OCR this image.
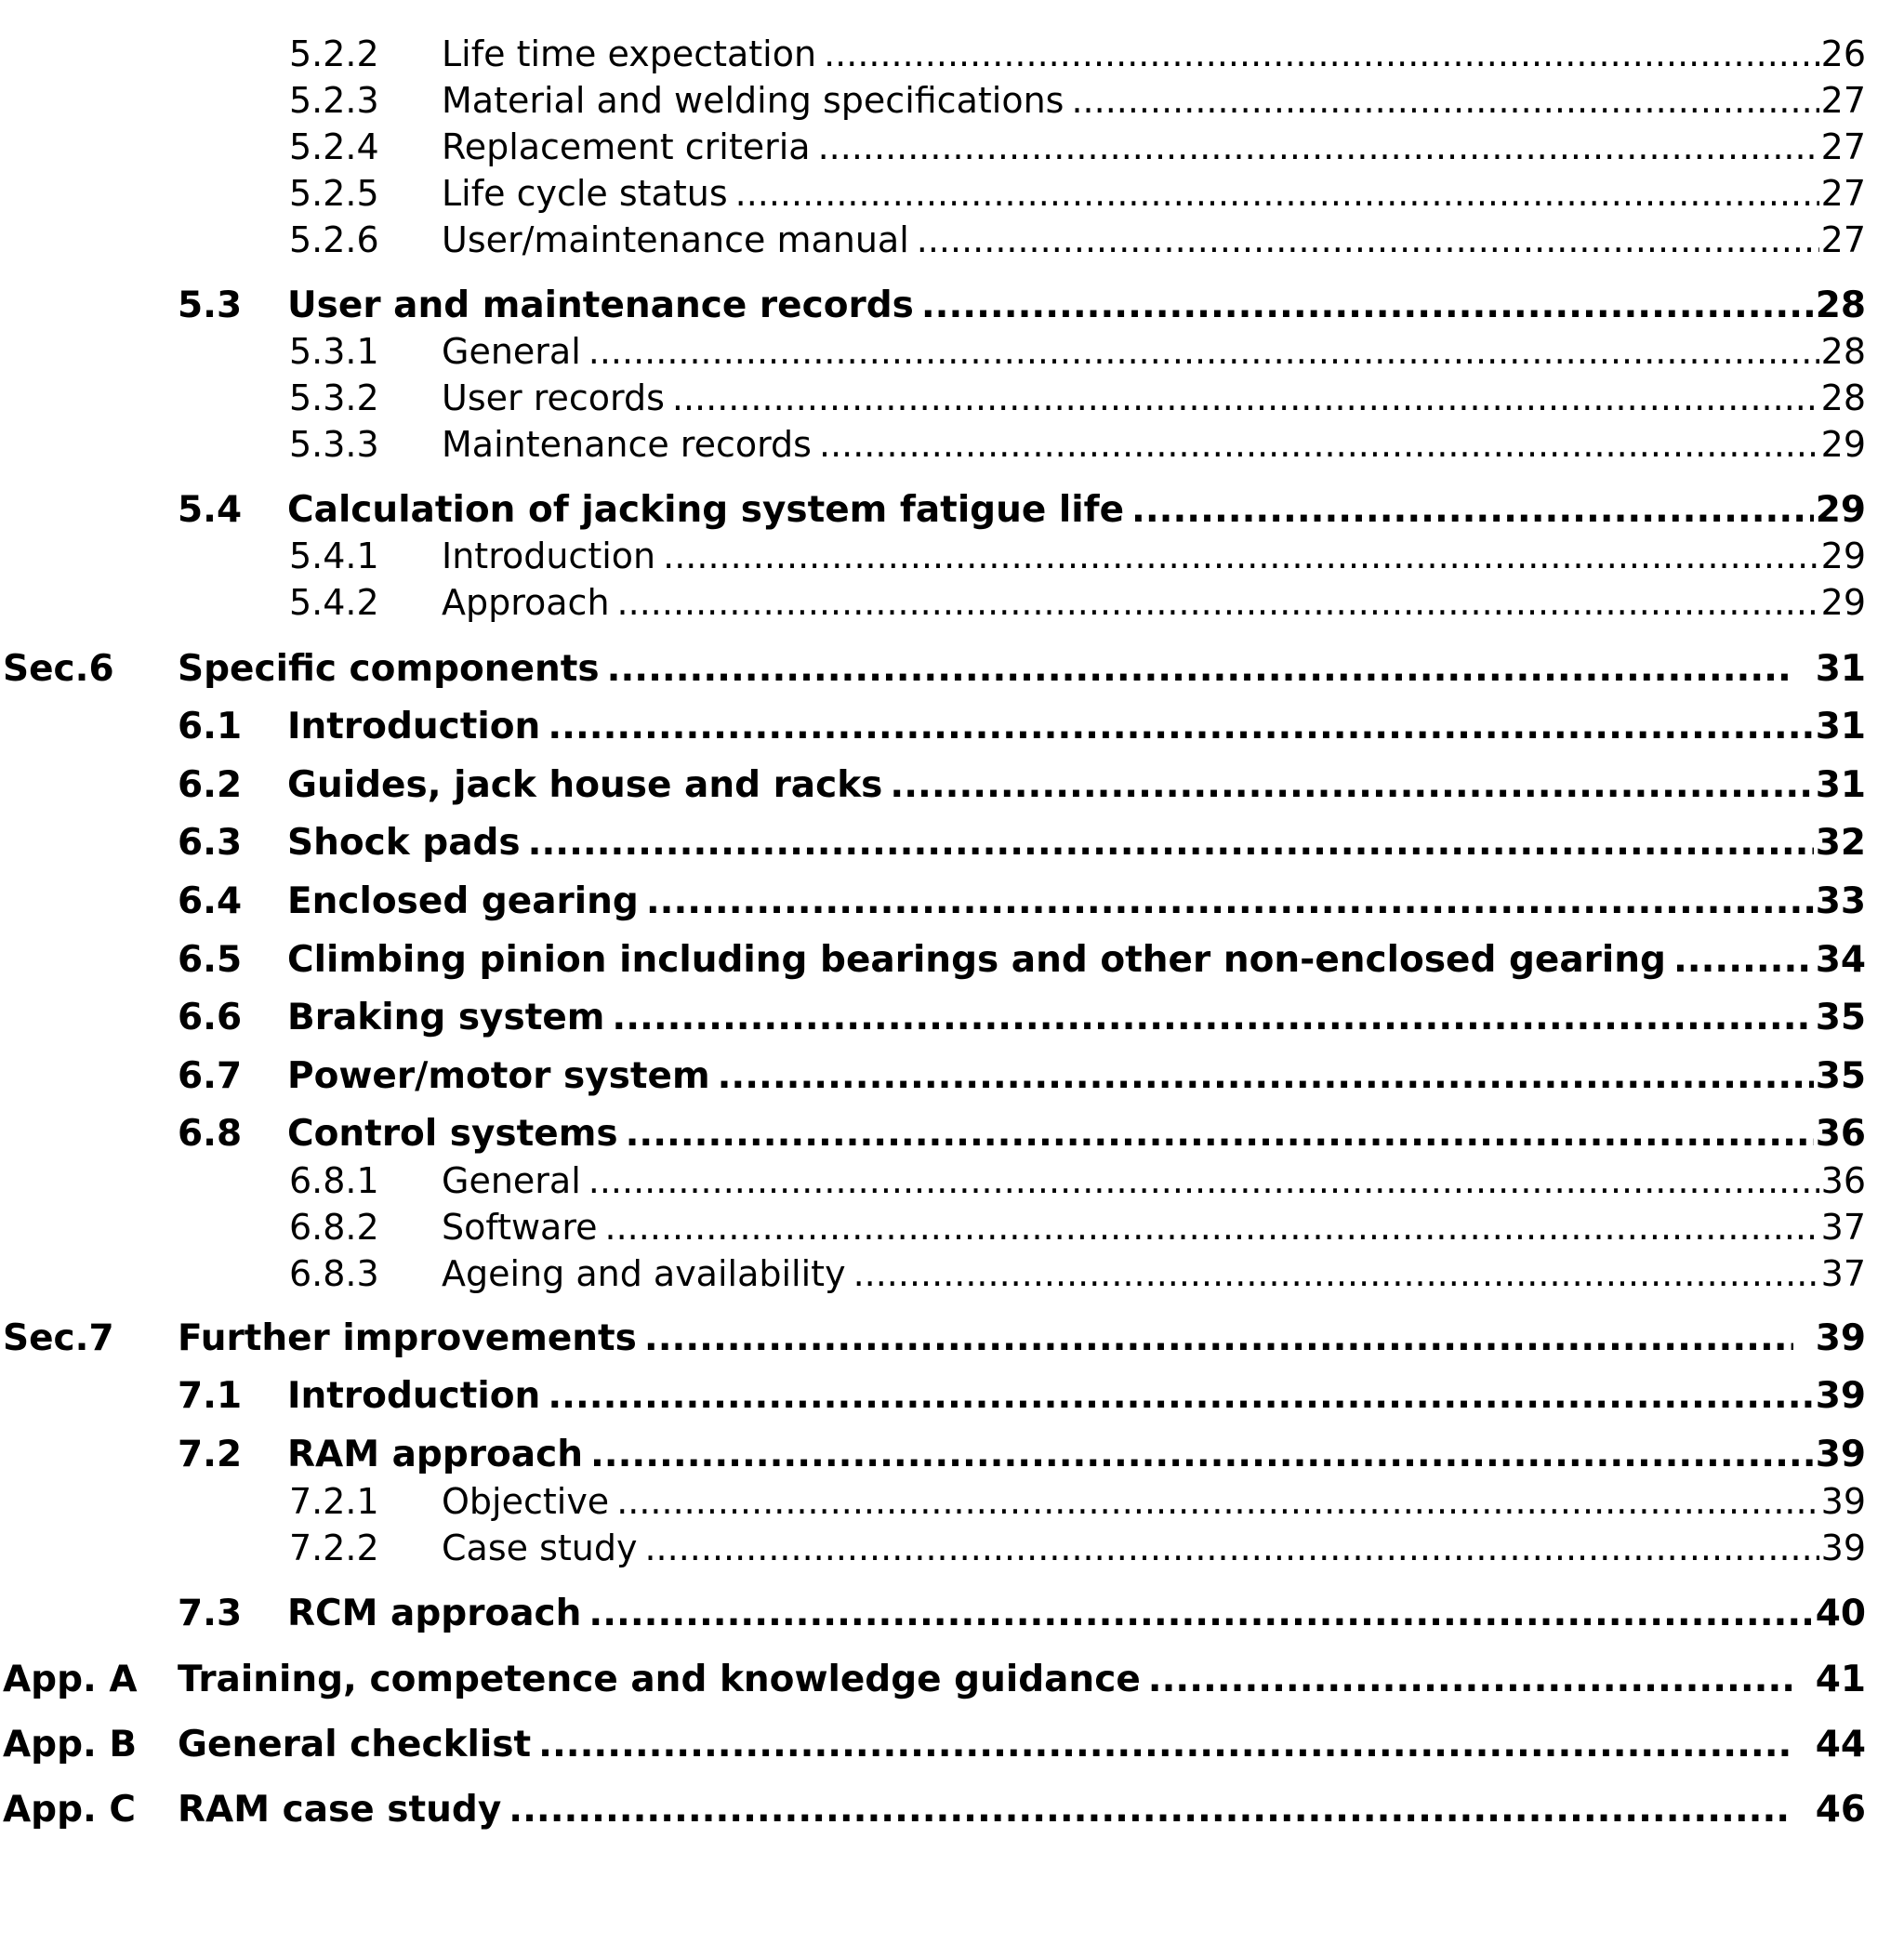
5.2.2 Life time expectation .....	26
5.2.3 Material and welding specifications .....	27
5.2.4 Replacement criteria .....	27
5.2.5 Life cycle status .....	27
5.2.6 User/maintenance manual .....	27
5.3 User and maintenance records .....	28
5.3.1 General .....	28
5.3.2 User records .....	28
5.3.3 Maintenance records .....	29
5.4 Calculation of jacking system fatigue life .....	29
5.4.1 Introduction .....	29
5.4.2 Approach .....	29
Sec.6 Specific components .....	31
6.1 Introduction .....	31
6.2 Guides, jack house and racks .....	31
6.3 Shock pads .....	32
6.4 Enclosed gearing .....	33
6.5 Climbing pinion including bearings and other non-enclosed gearing .....	34
6.6 Braking system .....	35
6.7 Power/motor system .....	35
6.8 Control systems .....	36
6.8.1 General .....	36
6.8.2 Software .....	37
6.8.3 Ageing and availability .....	37
Sec.7 Further improvements .....	39
7.1 Introduction .....	39
7.2 RAM approach .....	39
7.2.1 Objective .....	39
7.2.2 Case study .....	39
7.3 RCM approach .....	40
App. A Training, competence and knowledge guidance .....	41
App. B General checklist .....	44
App. C RAM case study .....	46
